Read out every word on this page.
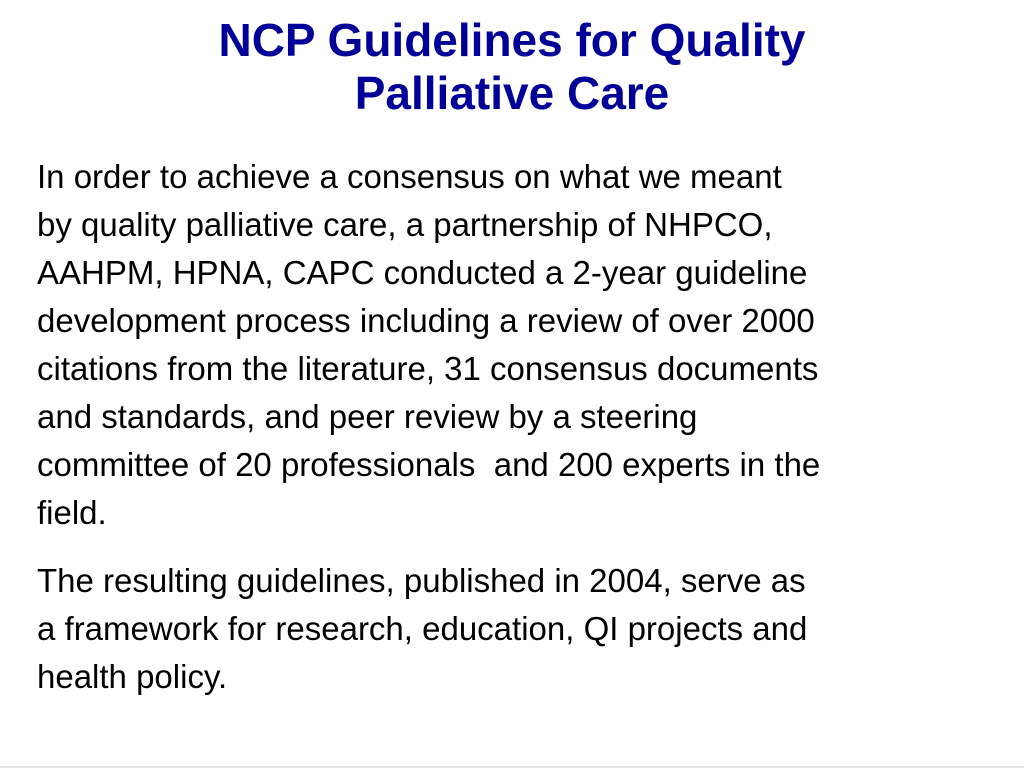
NCP Guidelines for Quality
Palliative Care

In order to achieve a consensus on what we meant
by quality palliative care, a partnership of NHPCO,
AAHPM, HPNA, CAPC conducted a 2-year guideline
development process including a review of over 2000
citations from the literature, 31 consensus documents
and standards, and peer review by a steering
committee of 20 professionals  and 200 experts in the
field.

The resulting guidelines, published in 2004, serve as
a framework for research, education, QI projects and
health policy.
